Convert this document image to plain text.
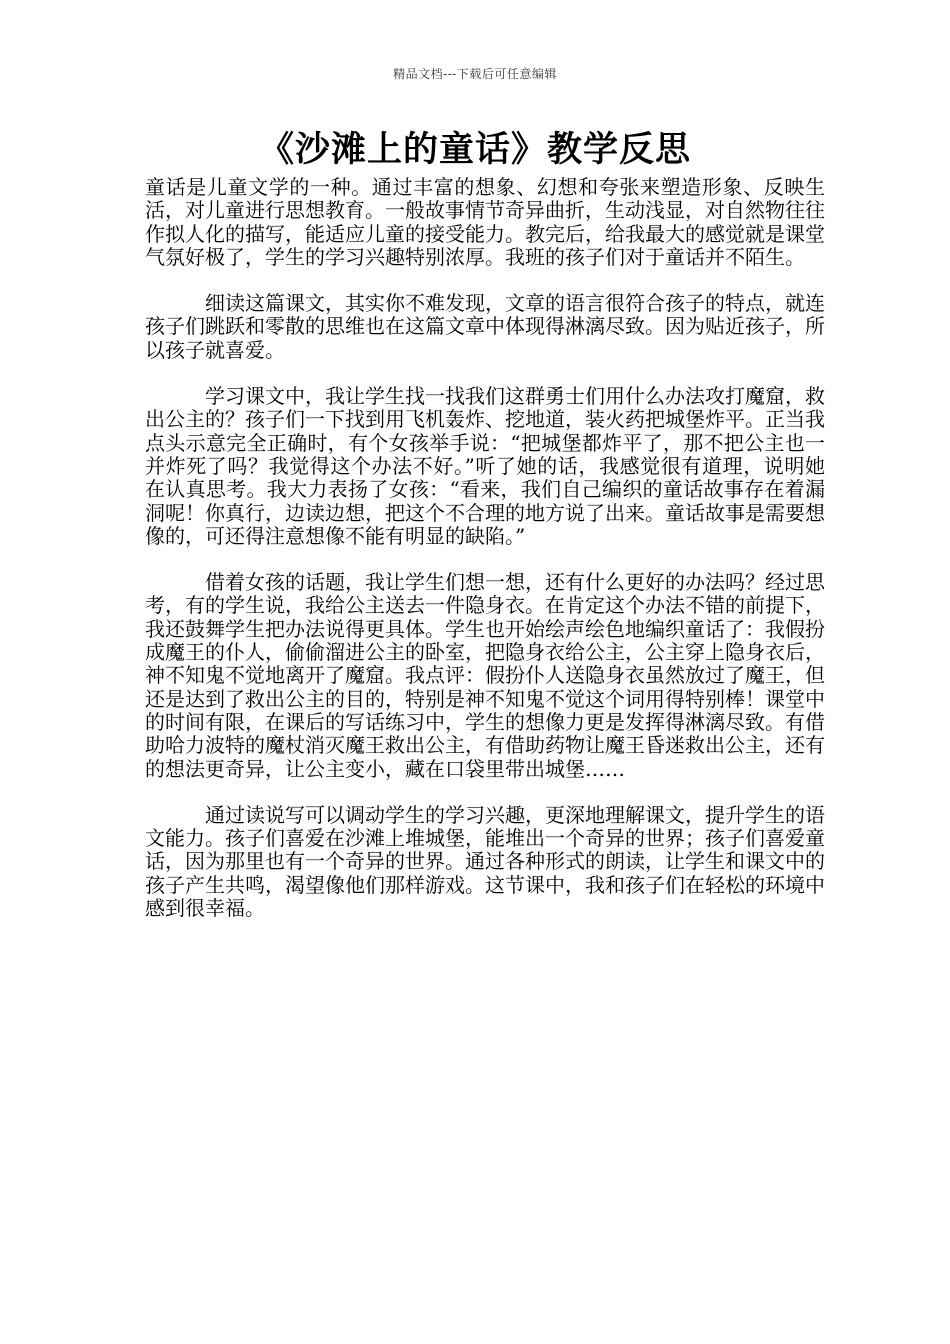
精品文档---下载后可任意编辑
《沙滩上的童话》教学反思

童话是儿童文学的一种。通过丰富的想象、幻想和夸张来塑造形象、反映生活，对儿童进行思想教育。一般故事情节奇异曲折，生动浅显，对自然物往往作拟人化的描写，能适应儿童的接受能力。教完后，给我最大的感觉就是课堂气氛好极了，学生的学习兴趣特别浓厚。我班的孩子们对于童话并不陌生。

细读这篇课文，其实你不难发现，文章的语言很符合孩子的特点，就连孩子们跳跃和零散的思维也在这篇文章中体现得淋漓尽致。因为贴近孩子，所以孩子就喜爱。

学习课文中，我让学生找一找我们这群勇士们用什么办法攻打魔窟，救出公主的？孩子们一下找到用飞机轰炸、挖地道，装火药把城堡炸平。正当我点头示意完全正确时，有个女孩举手说：“把城堡都炸平了，那不把公主也一并炸死了吗？我觉得这个办法不好。”听了她的话，我感觉很有道理，说明她在认真思考。我大力表扬了女孩：“看来，我们自己编织的童话故事存在着漏洞呢！你真行，边读边想，把这个不合理的地方说了出来。童话故事是需要想像的，可还得注意想像不能有明显的缺陷。”

借着女孩的话题，我让学生们想一想，还有什么更好的办法吗？经过思考，有的学生说，我给公主送去一件隐身衣。在肯定这个办法不错的前提下，我还鼓舞学生把办法说得更具体。学生也开始绘声绘色地编织童话了：我假扮成魔王的仆人，偷偷溜进公主的卧室，把隐身衣给公主，公主穿上隐身衣后，神不知鬼不觉地离开了魔窟。我点评：假扮仆人送隐身衣虽然放过了魔王，但还是达到了救出公主的目的，特别是神不知鬼不觉这个词用得特别棒！课堂中的时间有限，在课后的写话练习中，学生的想像力更是发挥得淋漓尽致。有借助哈力波特的魔杖消灭魔王救出公主，有借助药物让魔王昏迷救出公主，还有的想法更奇异，让公主变小，藏在口袋里带出城堡……

通过读说写可以调动学生的学习兴趣，更深地理解课文，提升学生的语文能力。孩子们喜爱在沙滩上堆城堡，能堆出一个奇异的世界；孩子们喜爱童话，因为那里也有一个奇异的世界。通过各种形式的朗读，让学生和课文中的孩子产生共鸣，渴望像他们那样游戏。这节课中，我和孩子们在轻松的环境中感到很幸福。
